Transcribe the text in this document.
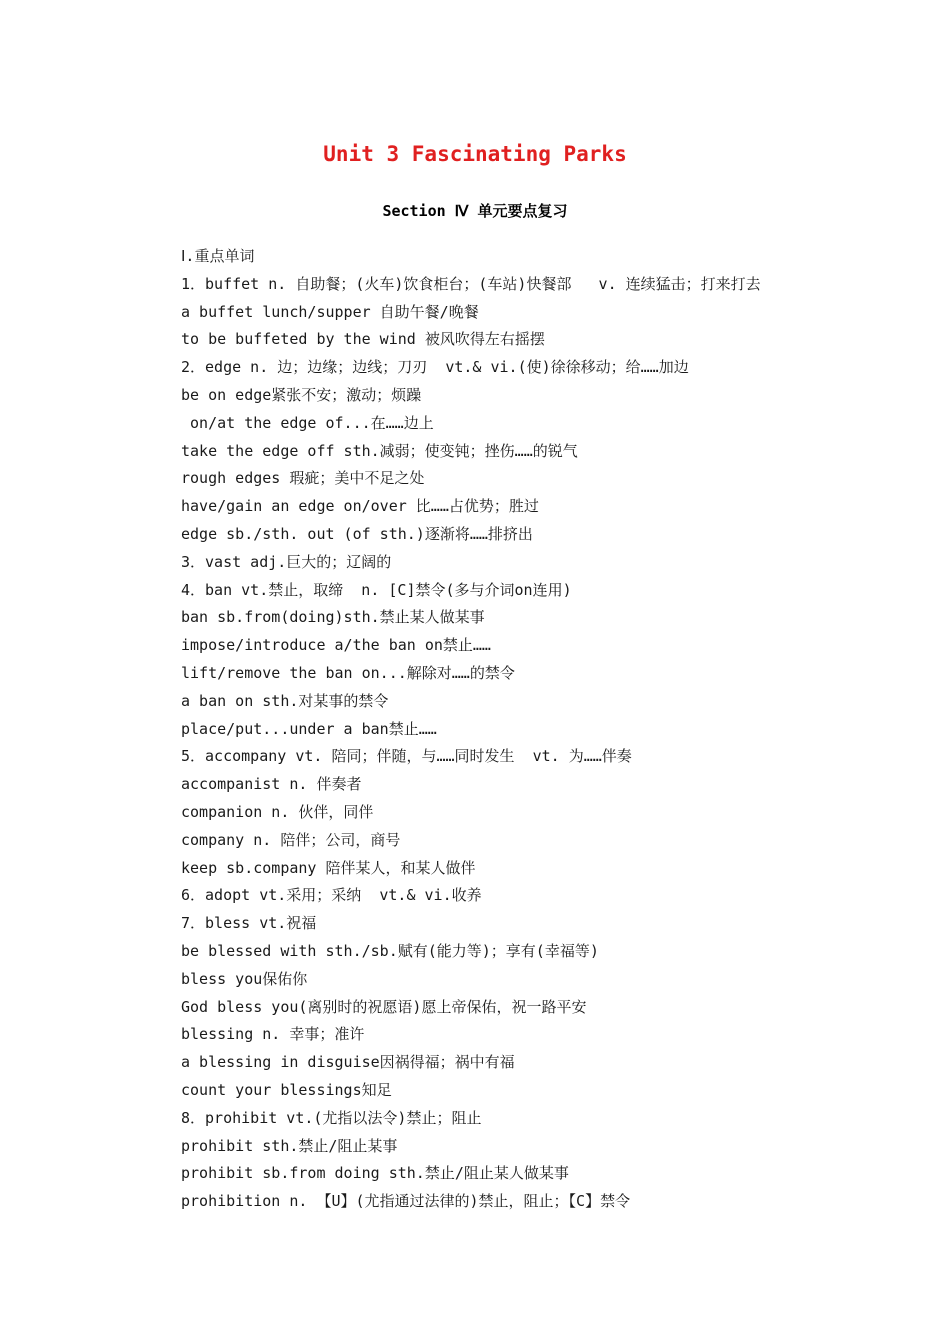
Unit 3 Fascinating Parks
Section Ⅳ 单元要点复习
Ⅰ.重点单词
1．buffet n. 自助餐；(火车)饮食柜台；(车站)快餐部   v. 连续猛击；打来打去
a buffet lunch/supper 自助午餐/晚餐
to be buffeted by the wind 被风吹得左右摇摆
2．edge n. 边；边缘；边线；刀刃  vt.& vi.(使)徐徐移动；给……加边
be on edge紧张不安；激动；烦躁
on/at the edge of...在……边上
take the edge off sth.减弱；使变钝；挫伤……的锐气
rough edges 瑕疵；美中不足之处
have/gain an edge on/over 比……占优势；胜过
edge sb./sth. out (of sth.)逐渐将……排挤出
3．vast adj.巨大的；辽阔的
4．ban vt.禁止，取缔  n. [C]禁令(多与介词on连用)
ban sb.from(doing)sth.禁止某人做某事
impose/introduce a/the ban on禁止……
lift/remove the ban on...解除对……的禁令
a ban on sth.对某事的禁令
place/put...under a ban禁止……
5．accompany vt. 陪同；伴随，与……同时发生  vt. 为……伴奏
accompanist n. 伴奏者
companion n. 伙伴，同伴
company n. 陪伴；公司，商号
keep sb.company 陪伴某人，和某人做伴
6．adopt vt.采用；采纳  vt.& vi.收养
7．bless vt.祝福
be blessed with sth./sb.赋有(能力等)；享有(幸福等)
bless you保佑你
God bless you(离别时的祝愿语)愿上帝保佑，祝一路平安
blessing n. 幸事；准许
a blessing in disguise因祸得福；祸中有福
count your blessings知足
8．prohibit vt.(尤指以法令)禁止；阻止
prohibit sth.禁止/阻止某事
prohibit sb.from doing sth.禁止/阻止某人做某事
prohibition n. 【U】(尤指通过法律的)禁止，阻止；【C】禁令
